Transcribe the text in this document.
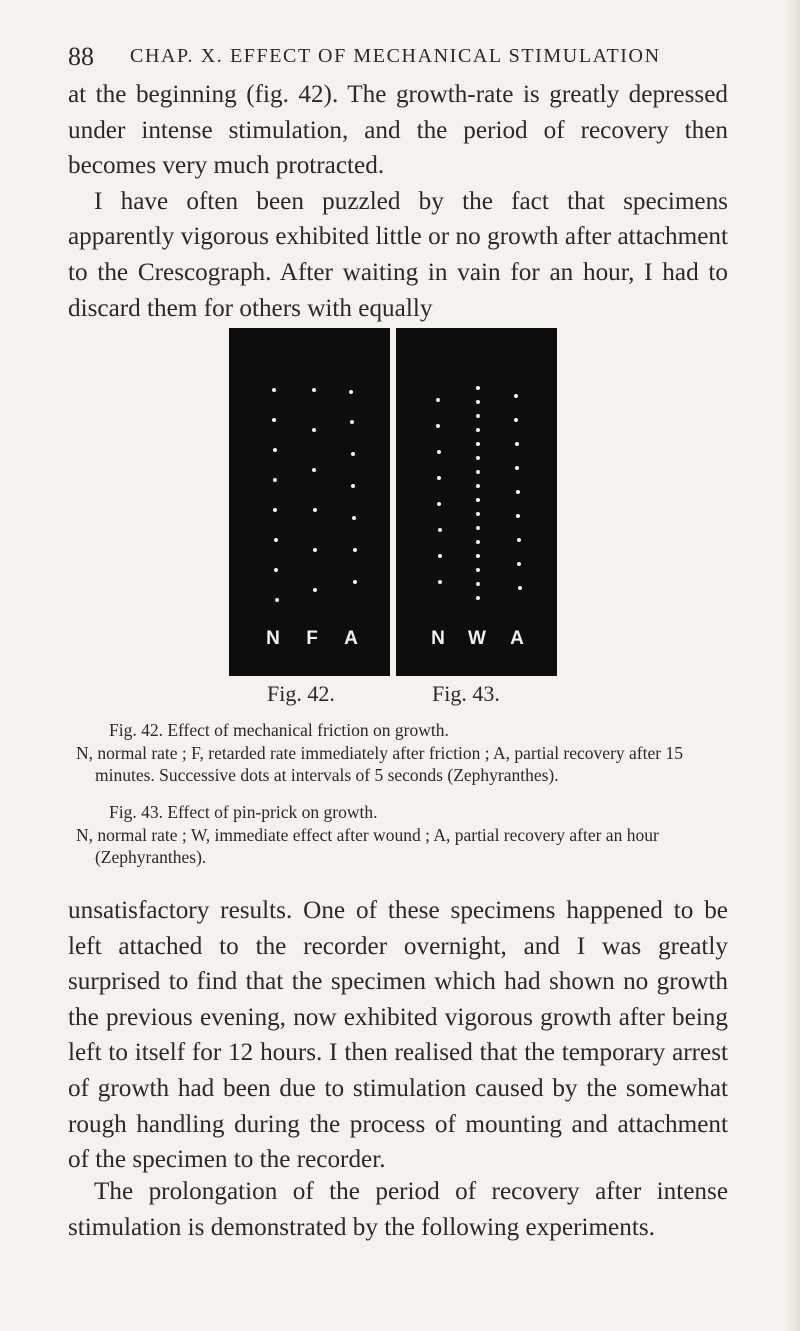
88 CHAP. X. EFFECT OF MECHANICAL STIMULATION
at the beginning (fig. 42). The growth-rate is greatly depressed under intense stimulation, and the period of recovery then becomes very much protracted.
I have often been puzzled by the fact that specimens apparently vigorous exhibited little or no growth after attachment to the Crescograph. After waiting in vain for an hour, I had to discard them for others with equally
N F A	N W A
Fig. 42.	Fig. 43.
Fig. 42. Effect of mechanical friction on growth.
N, normal rate ; F, retarded rate immediately after friction ; A, partial recovery after 15 minutes. Successive dots at intervals of 5 seconds (Zephyranthes).
Fig. 43. Effect of pin-prick on growth.
N, normal rate ; W, immediate effect after wound ; A, partial recovery after an hour (Zephyranthes).

unsatisfactory results. One of these specimens happened to be left attached to the recorder overnight, and I was greatly surprised to find that the specimen which had shown no growth the previous evening, now exhibited vigorous growth after being left to itself for 12 hours. I then realised that the temporary arrest of growth had been due to stimulation caused by the somewhat rough handling during the process of mounting and attachment of the specimen to the recorder.

The prolongation of the period of recovery after intense stimulation is demonstrated by the following experiments.
